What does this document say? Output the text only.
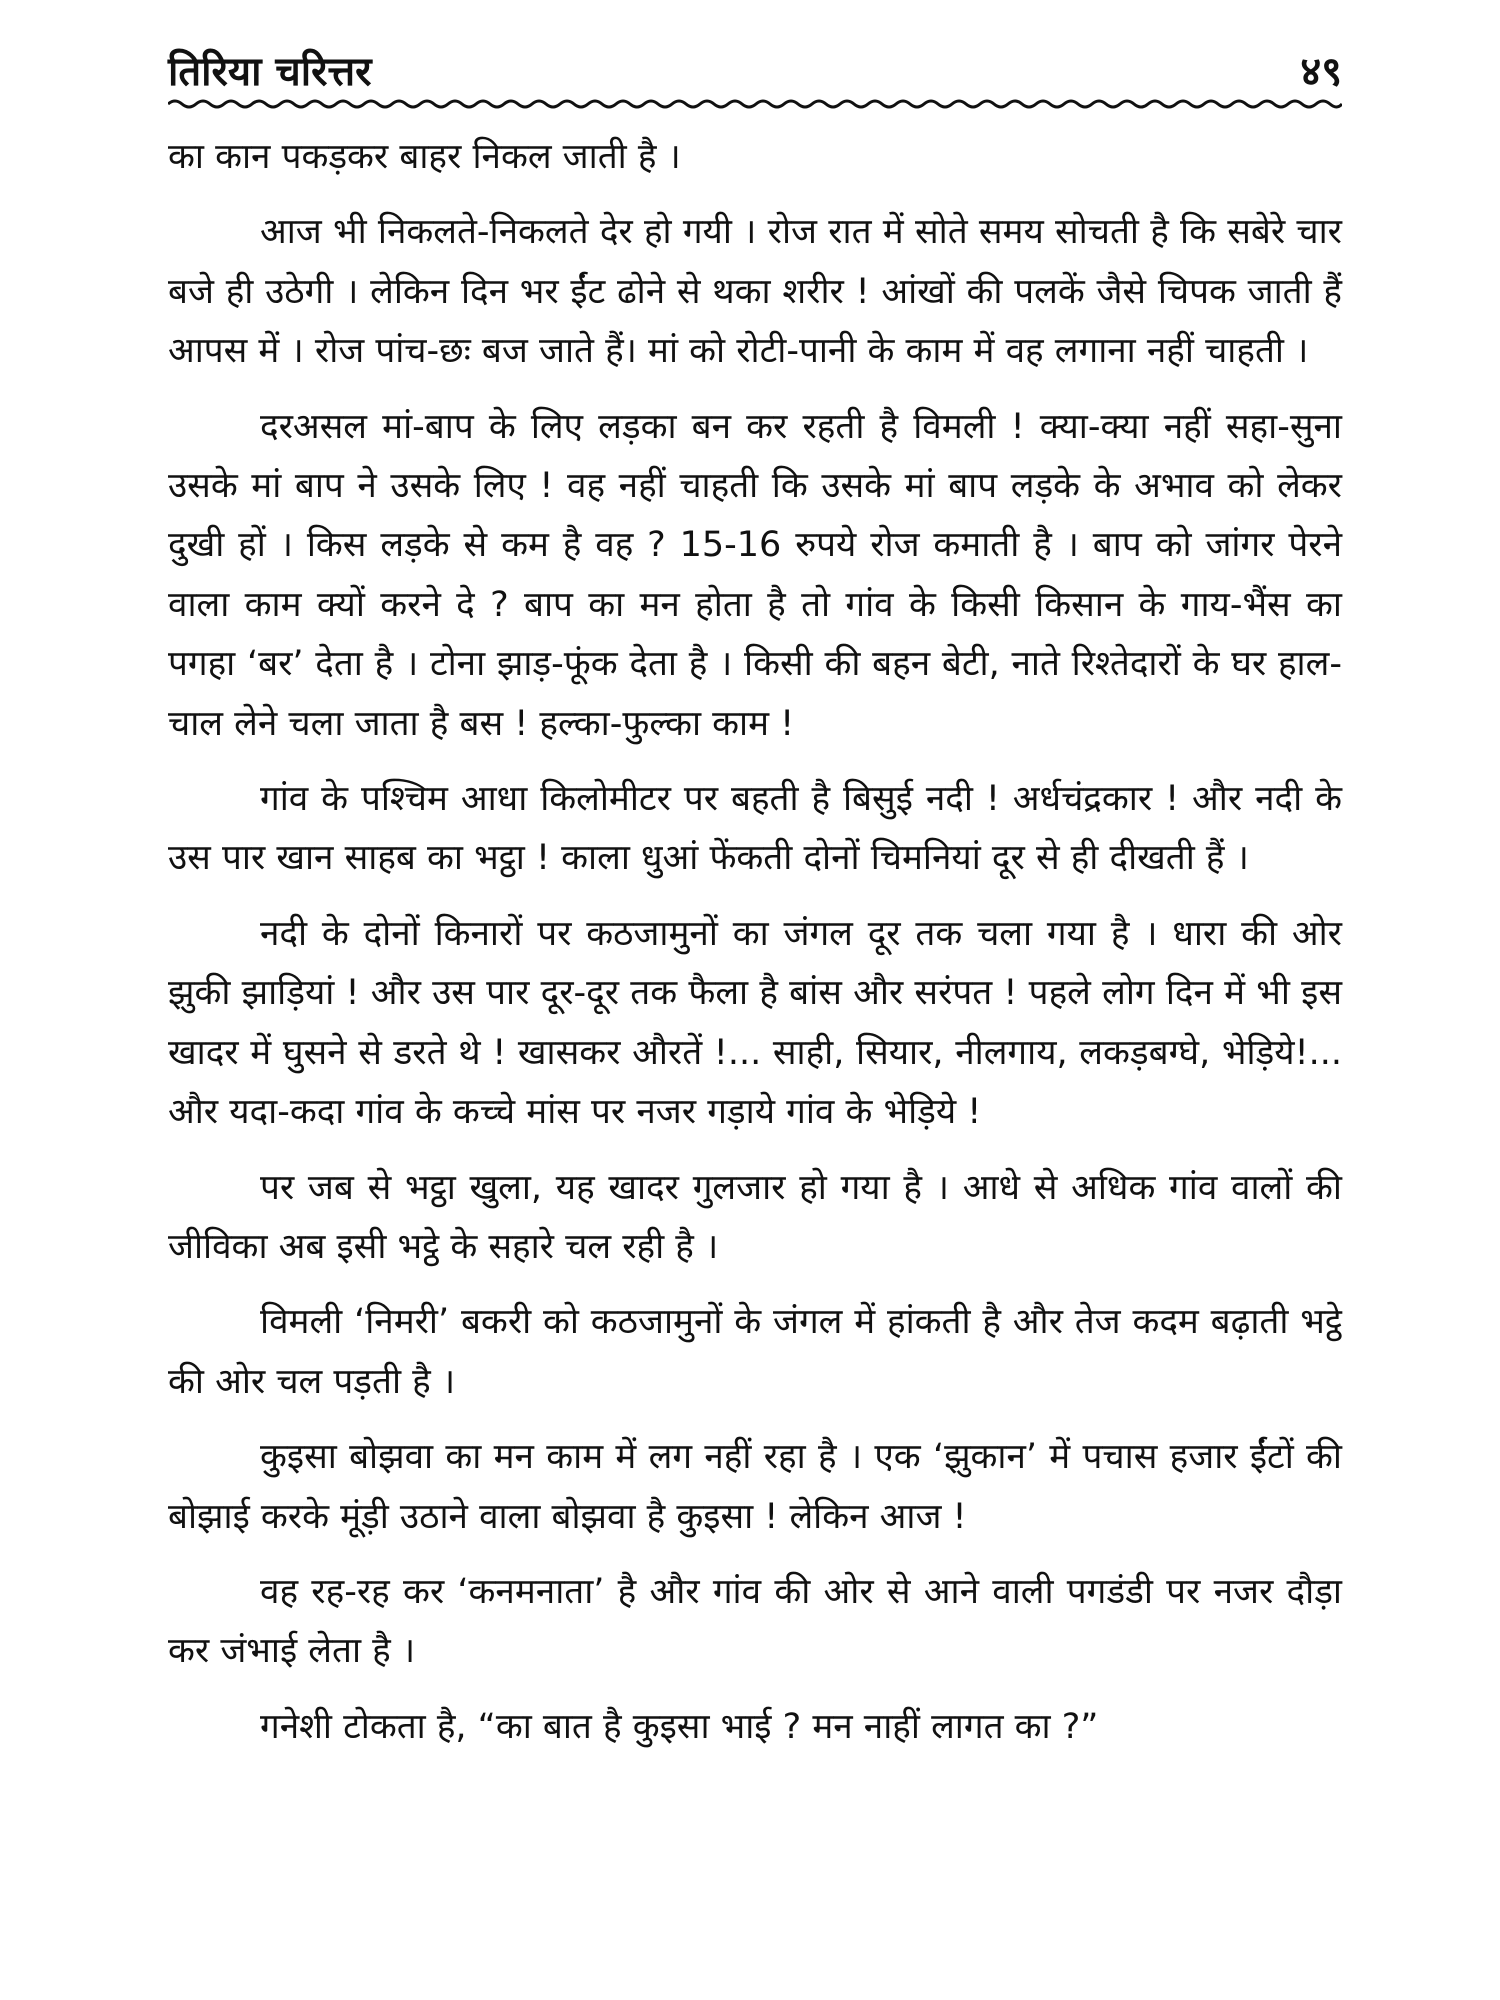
तिरिया चरित्तर	४९

का कान पकड़कर बाहर निकल जाती है ।

आज भी निकलते-निकलते देर हो गयी । रोज रात में सोते समय सोचती है कि सबेरे चार बजे ही उठेगी । लेकिन दिन भर ईंट ढोने से थका शरीर ! आंखों की पलकें जैसे चिपक जाती हैं आपस में । रोज पांच-छः बज जाते हैं। मां को रोटी-पानी के काम में वह लगाना नहीं चाहती ।

दरअसल मां-बाप के लिए लड़का बन कर रहती है विमली ! क्या-क्या नहीं सहा-सुना उसके मां बाप ने उसके लिए ! वह नहीं चाहती कि उसके मां बाप लड़के के अभाव को लेकर दुखी हों । किस लड़के से कम है वह ? 15-16 रुपये रोज कमाती है । बाप को जांगर पेरने वाला काम क्यों करने दे ? बाप का मन होता है तो गांव के किसी किसान के गाय-भैंस का पगहा ‘बर’ देता है । टोना झाड़-फूंक देता है । किसी की बहन बेटी, नाते रिश्तेदारों के घर हाल-चाल लेने चला जाता है बस ! हल्का-फुल्का काम !

गांव के पश्चिम आधा किलोमीटर पर बहती है बिसुई नदी ! अर्धचंद्रकार ! और नदी के उस पार खान साहब का भट्ठा ! काला धुआं फेंकती दोनों चिमनियां दूर से ही दीखती हैं ।

नदी के दोनों किनारों पर कठजामुनों का जंगल दूर तक चला गया है । धारा की ओर झुकी झाड़ियां ! और उस पार दूर-दूर तक फैला है बांस और सरंपत ! पहले लोग दिन में भी इस खादर में घुसने से डरते थे ! खासकर औरतें !... साही, सियार, नीलगाय, लकड़बग्घे, भेड़िये!... और यदा-कदा गांव के कच्चे मांस पर नजर गड़ाये गांव के भेड़िये !

पर जब से भट्ठा खुला, यह खादर गुलजार हो गया है । आधे से अधिक गांव वालों की जीविका अब इसी भट्ठे के सहारे चल रही है ।

विमली ‘निमरी’ बकरी को कठजामुनों के जंगल में हांकती है और तेज कदम बढ़ाती भट्ठे की ओर चल पड़ती है ।

कुइसा बोझवा का मन काम में लग नहीं रहा है । एक ‘झुकान’ में पचास हजार ईंटों की बोझाई करके मूंड़ी उठाने वाला बोझवा है कुइसा ! लेकिन आज !

वह रह-रह कर ‘कनमनाता’ है और गांव की ओर से आने वाली पगडंडी पर नजर दौड़ा कर जंभाई लेता है ।

गनेशी टोकता है, “का बात है कुइसा भाई ? मन नाहीं लागत का ?”
